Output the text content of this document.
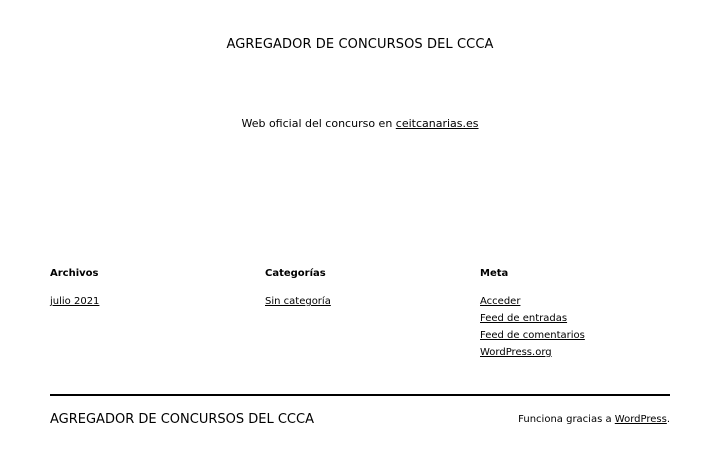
AGREGADOR DE CONCURSOS DEL CCCA
Web oficial del concurso en ceitcanarias.es
Archivos
julio 2021
Categorías
Sin categoría
Meta
Acceder
Feed de entradas
Feed de comentarios
WordPress.org
AGREGADOR DE CONCURSOS DEL CCCA	Funciona gracias a WordPress.
